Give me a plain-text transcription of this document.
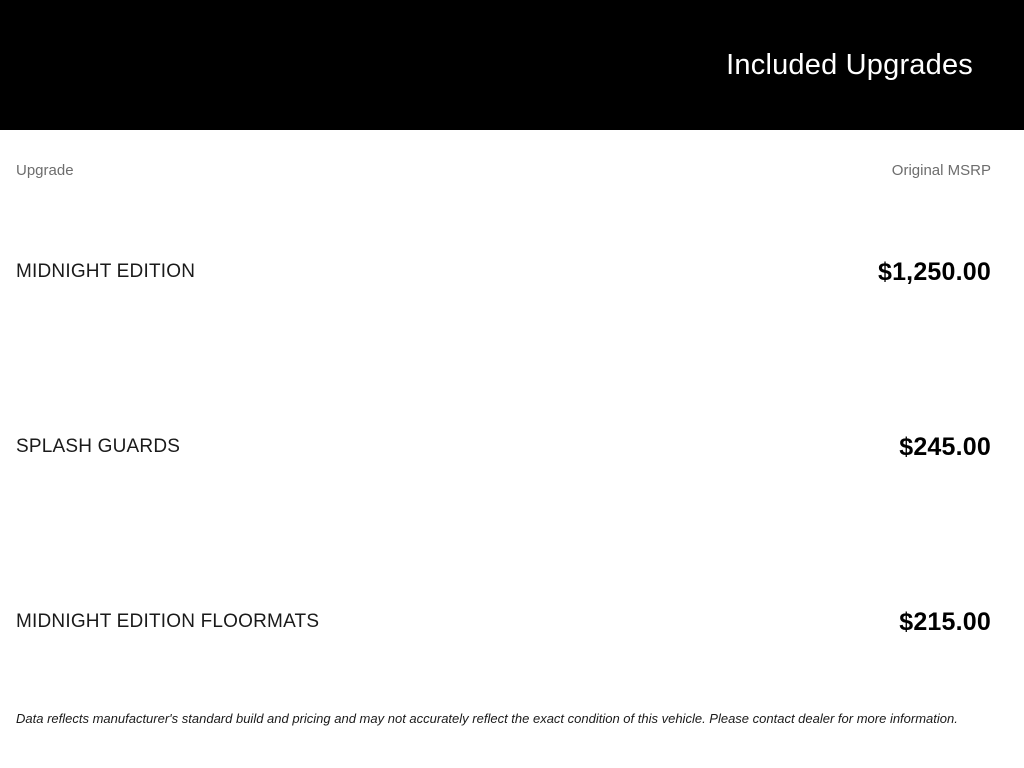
Included Upgrades
Upgrade	Original MSRP
MIDNIGHT EDITION	$1,250.00
SPLASH GUARDS	$245.00
MIDNIGHT EDITION FLOORMATS	$215.00
Data reflects manufacturer's standard build and pricing and may not accurately reflect the exact condition of this vehicle. Please contact dealer for more information.
